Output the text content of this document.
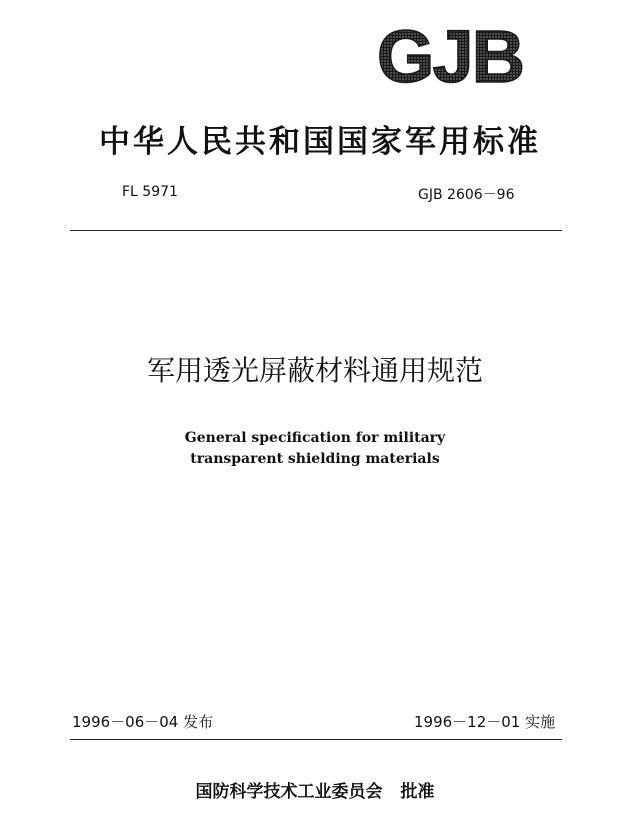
GJB
中华人民共和国国家军用标准
FL 5971	GJB 2606－96
军用透光屏蔽材料通用规范
General specification for military
transparent shielding materials
1996－06－04 发布	1996－12－01 实施
国防科学技术工业委员会 批准
